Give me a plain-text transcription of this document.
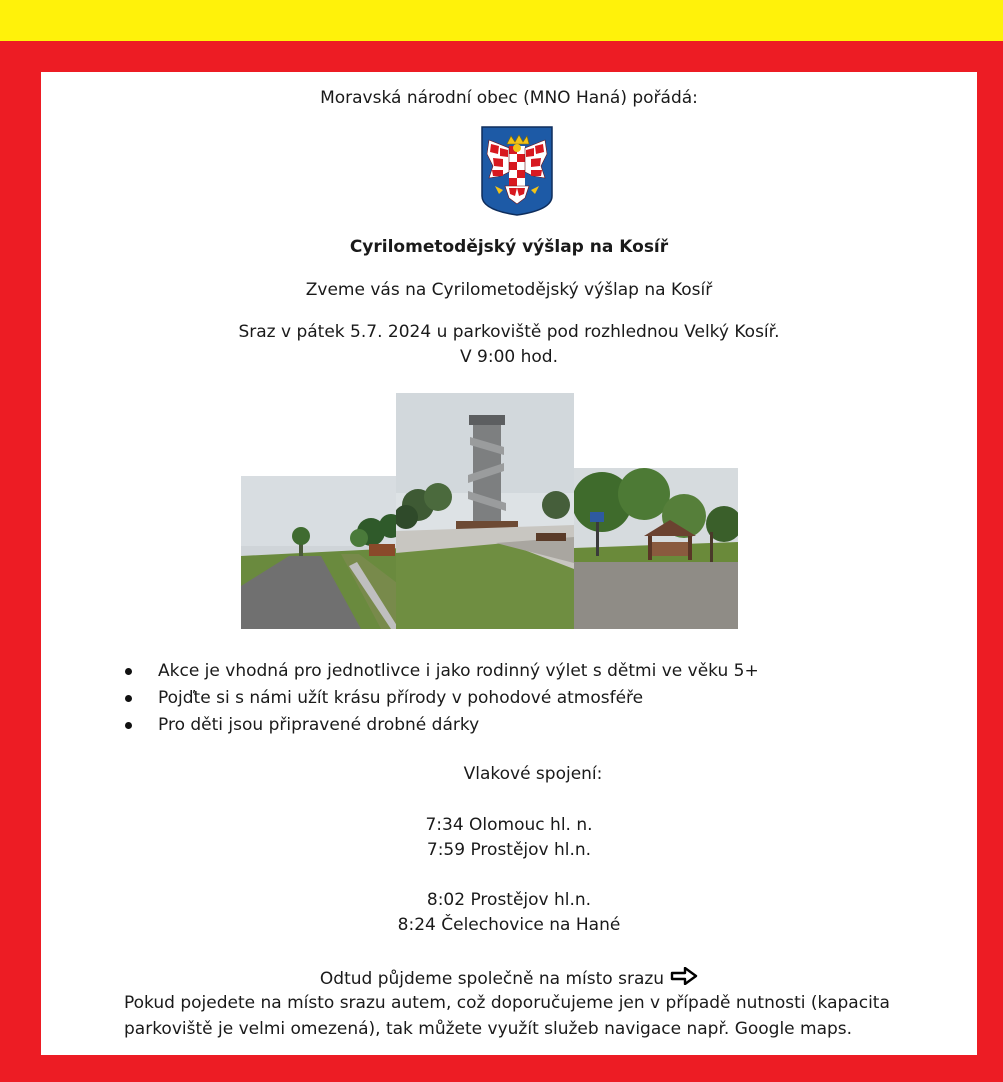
Moravská národní obec (MNO Haná) pořádá:
Cyrilometodějský výšlap na Kosíř
Zveme vás na Cyrilometodějský výšlap na Kosíř
Sraz v pátek 5.7. 2024 u parkoviště pod rozhlednou Velký Kosíř.
V 9:00 hod.
Akce je vhodná pro jednotlivce i jako rodinný výlet s dětmi ve věku 5+
Pojďte si s námi užít krásu přírody v pohodové atmosféře
Pro děti jsou připravené drobné dárky
Vlakové spojení:
7:34 Olomouc hl. n.
7:59 Prostějov hl.n.
8:02 Prostějov hl.n.
8:24 Čelechovice na Hané
Odtud půjdeme společně na místo srazu
Pokud pojedete na místo srazu autem, což doporučujeme jen v případě nutnosti (kapacita
parkoviště je velmi omezená), tak můžete využít služeb navigace např. Google maps.
